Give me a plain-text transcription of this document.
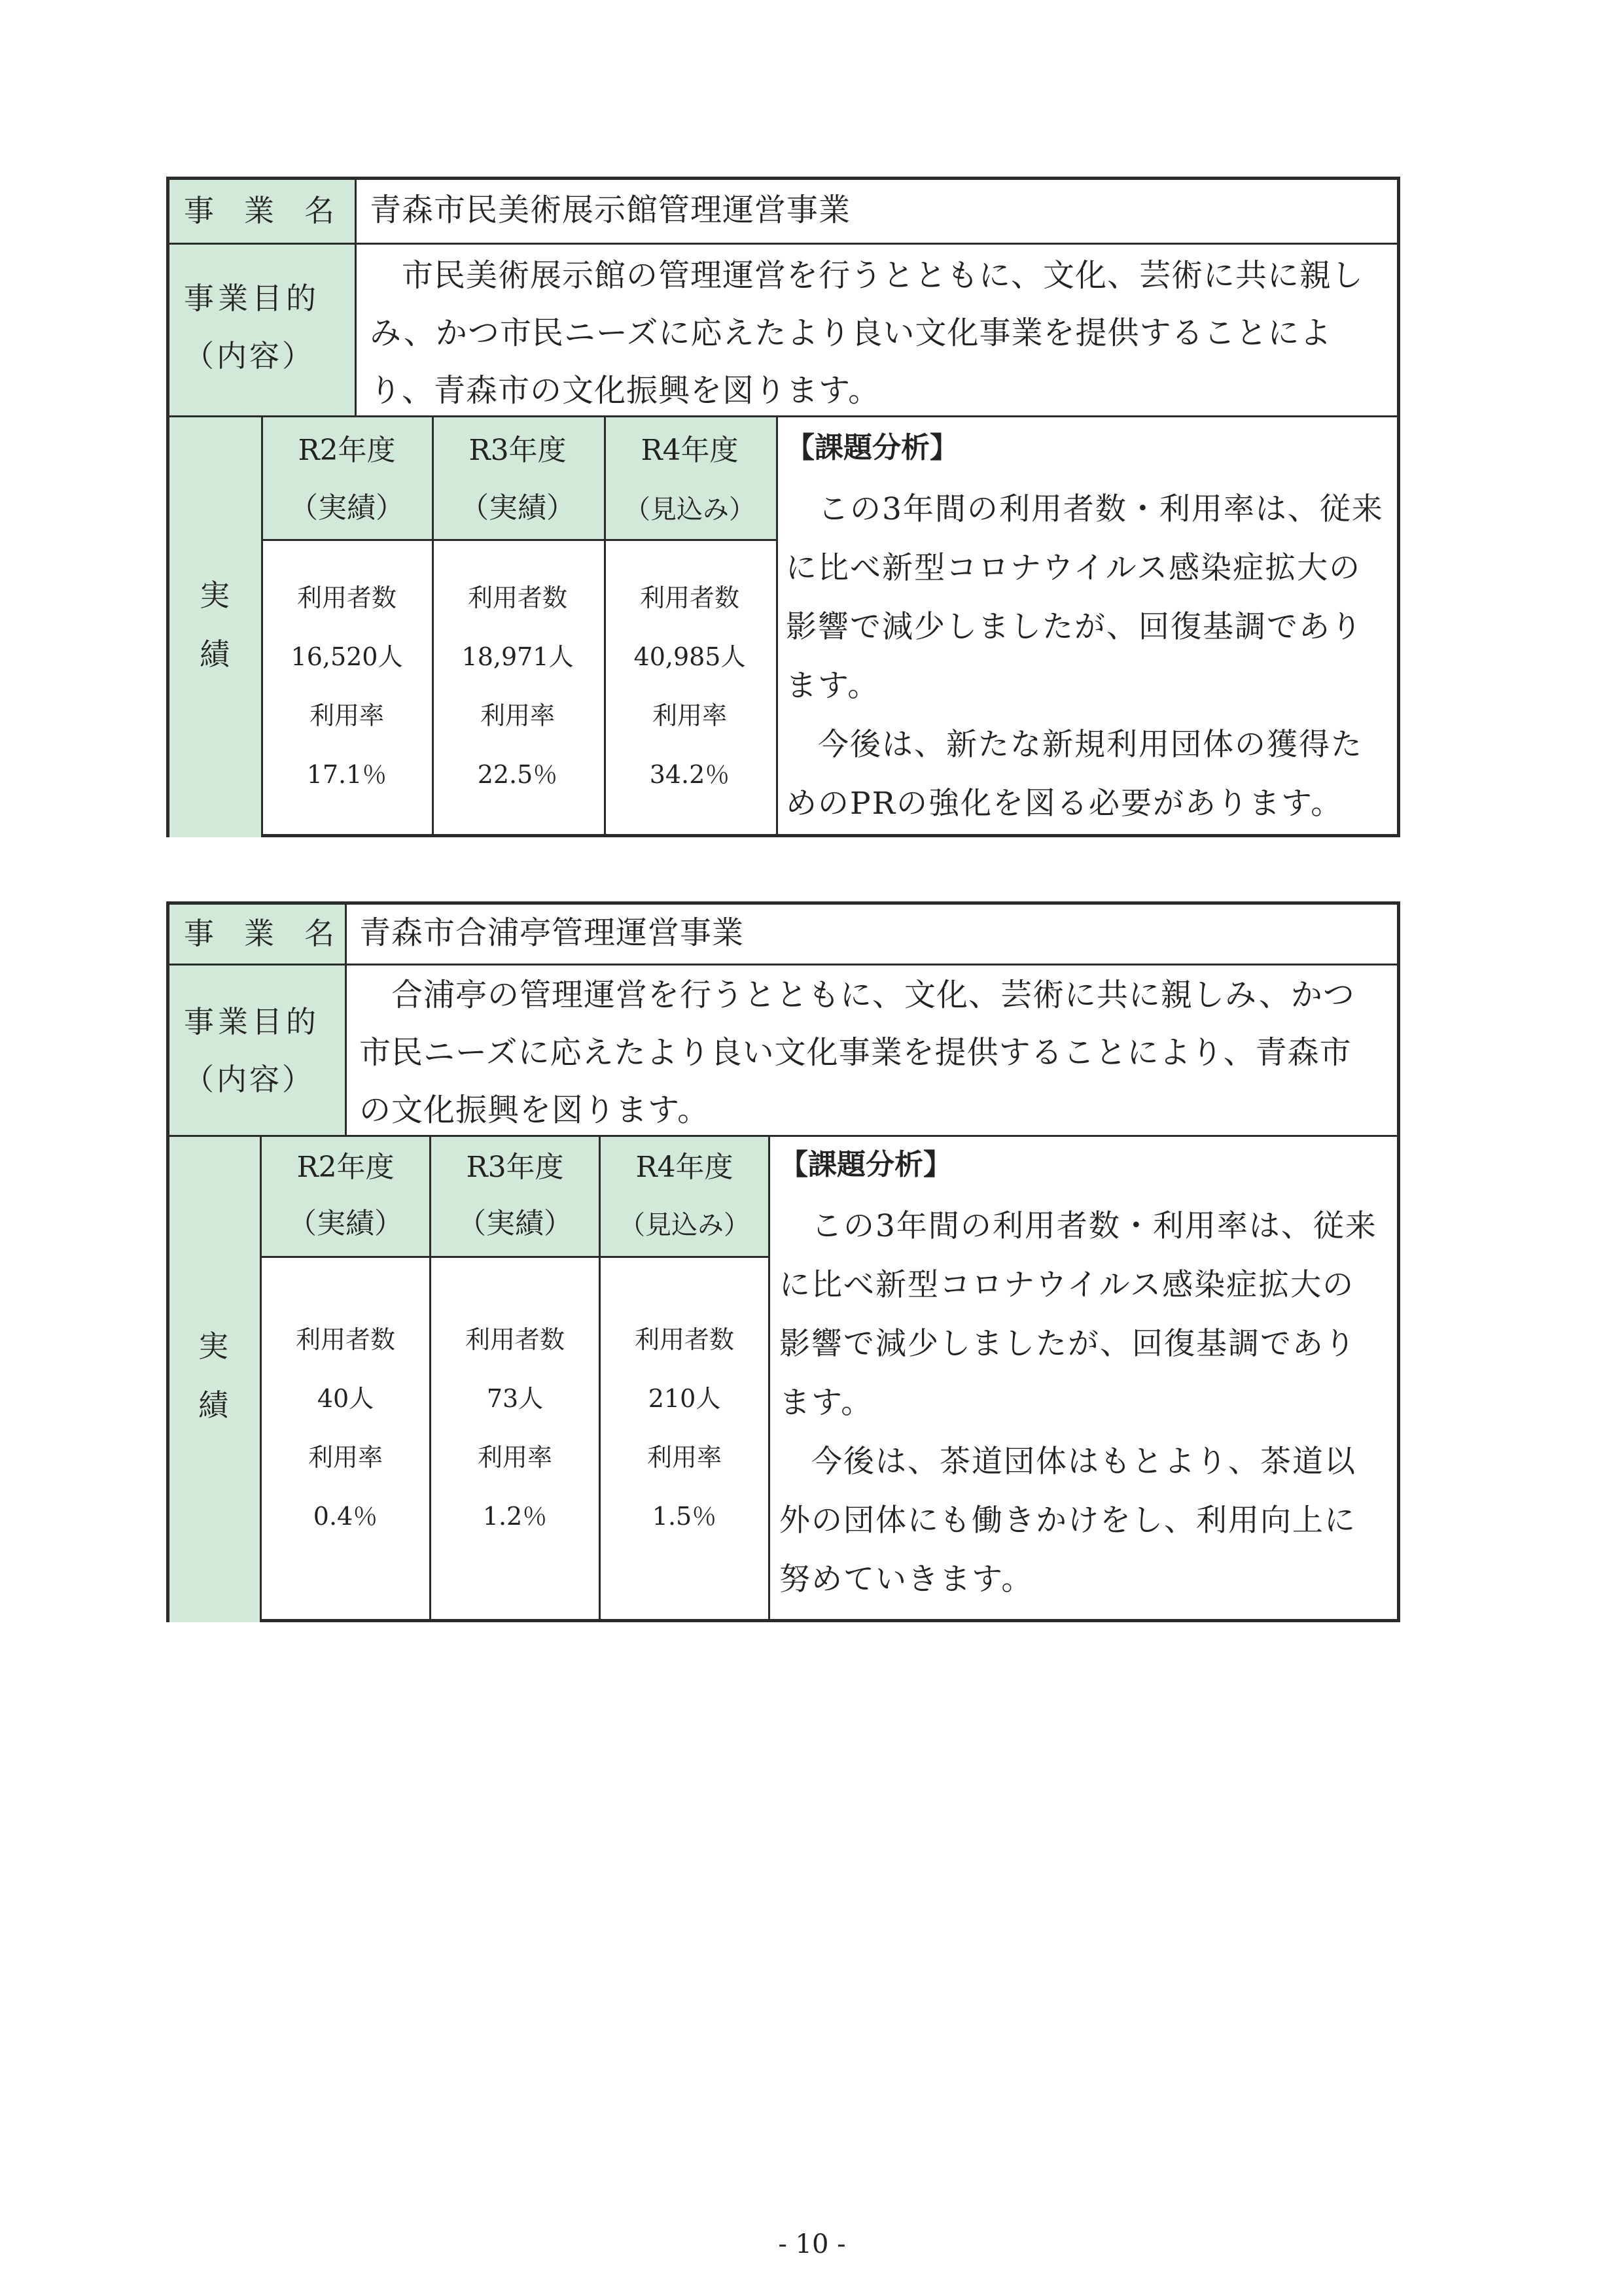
事　業　名 青森市民美術展示館管理運営事業
事業目的
（内容）
　市民美術展示館の管理運営を行うとともに、文化、芸術に共に親し
み、かつ市民ニーズに応えたより良い文化事業を提供することによ
り、青森市の文化振興を図ります。
実
績
R2年度
（実績）
R3年度
（実績）
R4年度
（見込み）
利用者数
16,520人
利用率
17.1％
利用者数
18,971人
利用率
22.5％
利用者数
40,985人
利用率
34.2％
【課題分析】
　この3年間の利用者数・利用率は、従来
に比べ新型コロナウイルス感染症拡大の
影響で減少しましたが、回復基調であり
ます。
　今後は、新たな新規利用団体の獲得た
めのPRの強化を図る必要があります。
事　業　名 青森市合浦亭管理運営事業
事業目的
（内容）
　合浦亭の管理運営を行うとともに、文化、芸術に共に親しみ、かつ
市民ニーズに応えたより良い文化事業を提供することにより、青森市
の文化振興を図ります。
実
績
R2年度
（実績）
R3年度
（実績）
R4年度
（見込み）
利用者数
40人
利用率
0.4％
利用者数
73人
利用率
1.2％
利用者数
210人
利用率
1.5％
【課題分析】
　この3年間の利用者数・利用率は、従来
に比べ新型コロナウイルス感染症拡大の
影響で減少しましたが、回復基調であり
ます。
　今後は、茶道団体はもとより、茶道以
外の団体にも働きかけをし、利用向上に
努めていきます。
- 10 -
